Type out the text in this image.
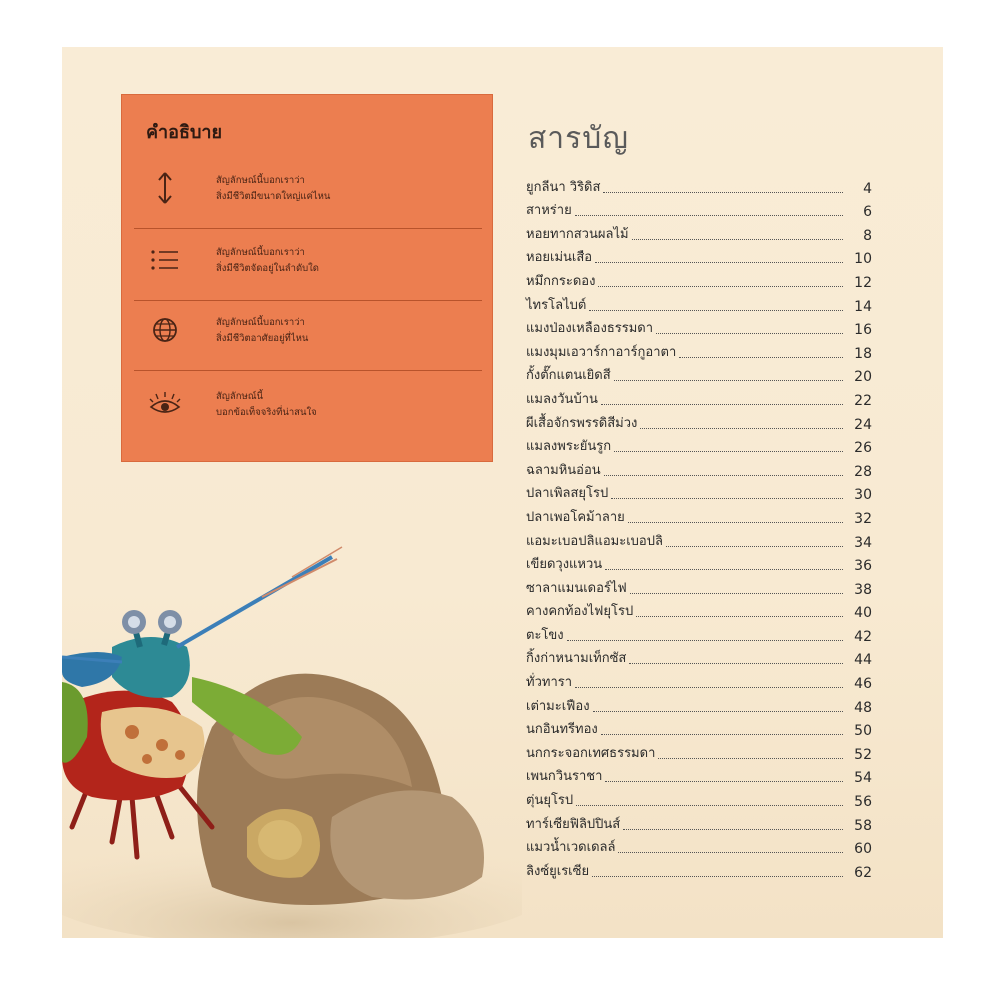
คำอธิบาย
สัญลักษณ์นี้บอกเราว่า
สิ่งมีชีวิตมีขนาดใหญ่แค่ไหน
สัญลักษณ์นี้บอกเราว่า
สิ่งมีชีวิตจัดอยู่ในลำดับใด
สัญลักษณ์นี้บอกเราว่า
สิ่งมีชีวิตอาศัยอยู่ที่ไหน
สัญลักษณ์นี้
บอกข้อเท็จจริงที่น่าสนใจ
สารบัญ
ยูกลีนา วิริดิส	4
สาหร่าย	6
หอยทากสวนผลไม้	8
หอยเม่นเสือ	10
หมึกกระดอง	12
ไทรโลไบต์	14
แมงป่องเหลืองธรรมดา	16
แมงมุมเอวาร์กาอาร์กูอาตา	18
กั้งตั๊กแตนเยิดสี	20
แมลงวันบ้าน	22
ผีเสื้อจักรพรรดิสีม่วง	24
แมลงพระยันรูก	26
ฉลามหินอ่อน	28
ปลาเพิลสยุโรป	30
ปลาเพอโคม้าลาย	32
แอมะเบอปลิแอมะเบอปลิ	34
เขียดวุงแหวน	36
ซาลาแมนเดอร์ไฟ	38
คางคกท้องไฟยุโรป	40
ตะโขง	42
กิ้งก่าหนามเท็กซัส	44
ทั่วทารา	46
เต่ามะเฟือง	48
นกอินทรีทอง	50
นกกระจอกเทศธรรมดา	52
เพนกวินราชา	54
ตุ่นยุโรป	56
ทาร์เซียฟิลิปปินส์	58
แมวน้ำเวดเดลล์	60
ลิงซ์ยูเรเซีย	62
